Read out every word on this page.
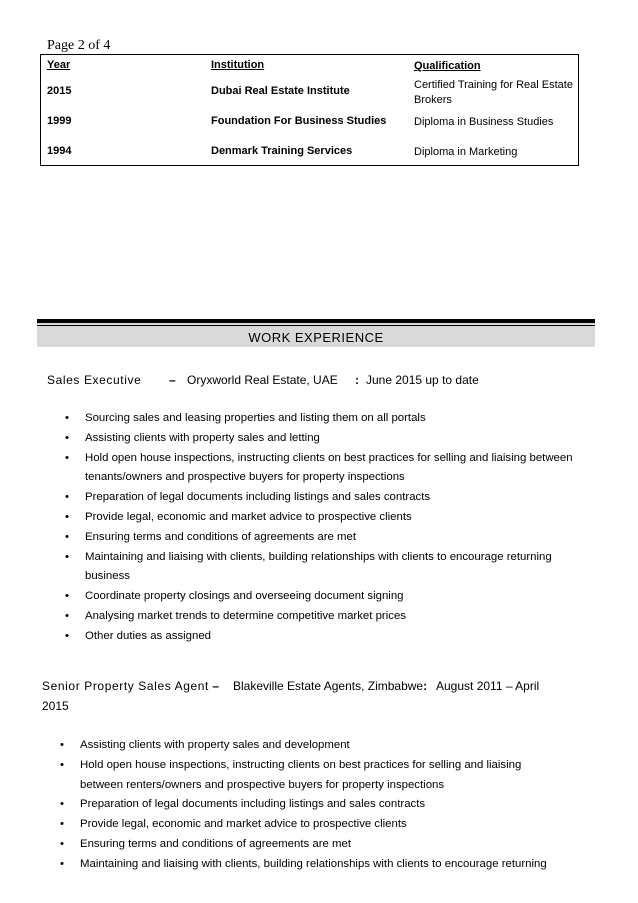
Page 2 of 4
Year	Institution	Qualification
2015	Dubai Real Estate Institute	Certified Training for Real Estate Brokers
1999	Foundation For Business Studies	Diploma in Business Studies
1994	Denmark Training Services	Diploma in Marketing
WORK EXPERIENCE
Sales Executive – Oryxworld Real Estate, UAE : June 2015 up to date
• Sourcing sales and leasing properties and listing them on all portals
• Assisting clients with property sales and letting
• Hold open house inspections, instructing clients on best practices for selling and liaising between tenants/owners and prospective buyers for property inspections
• Preparation of legal documents including listings and sales contracts
• Provide legal, economic and market advice to prospective clients
• Ensuring terms and conditions of agreements are met
• Maintaining and liaising with clients, building relationships with clients to encourage returning business
• Coordinate property closings and overseeing document signing
• Analysing market trends to determine competitive market prices
• Other duties as assigned
Senior Property Sales Agent – Blakeville Estate Agents, Zimbabwe: August 2011 – April
2015
• Assisting clients with property sales and development
• Hold open house inspections, instructing clients on best practices for selling and liaising between renters/owners and prospective buyers for property inspections
• Preparation of legal documents including listings and sales contracts
• Provide legal, economic and market advice to prospective clients
• Ensuring terms and conditions of agreements are met
• Maintaining and liaising with clients, building relationships with clients to encourage returning
